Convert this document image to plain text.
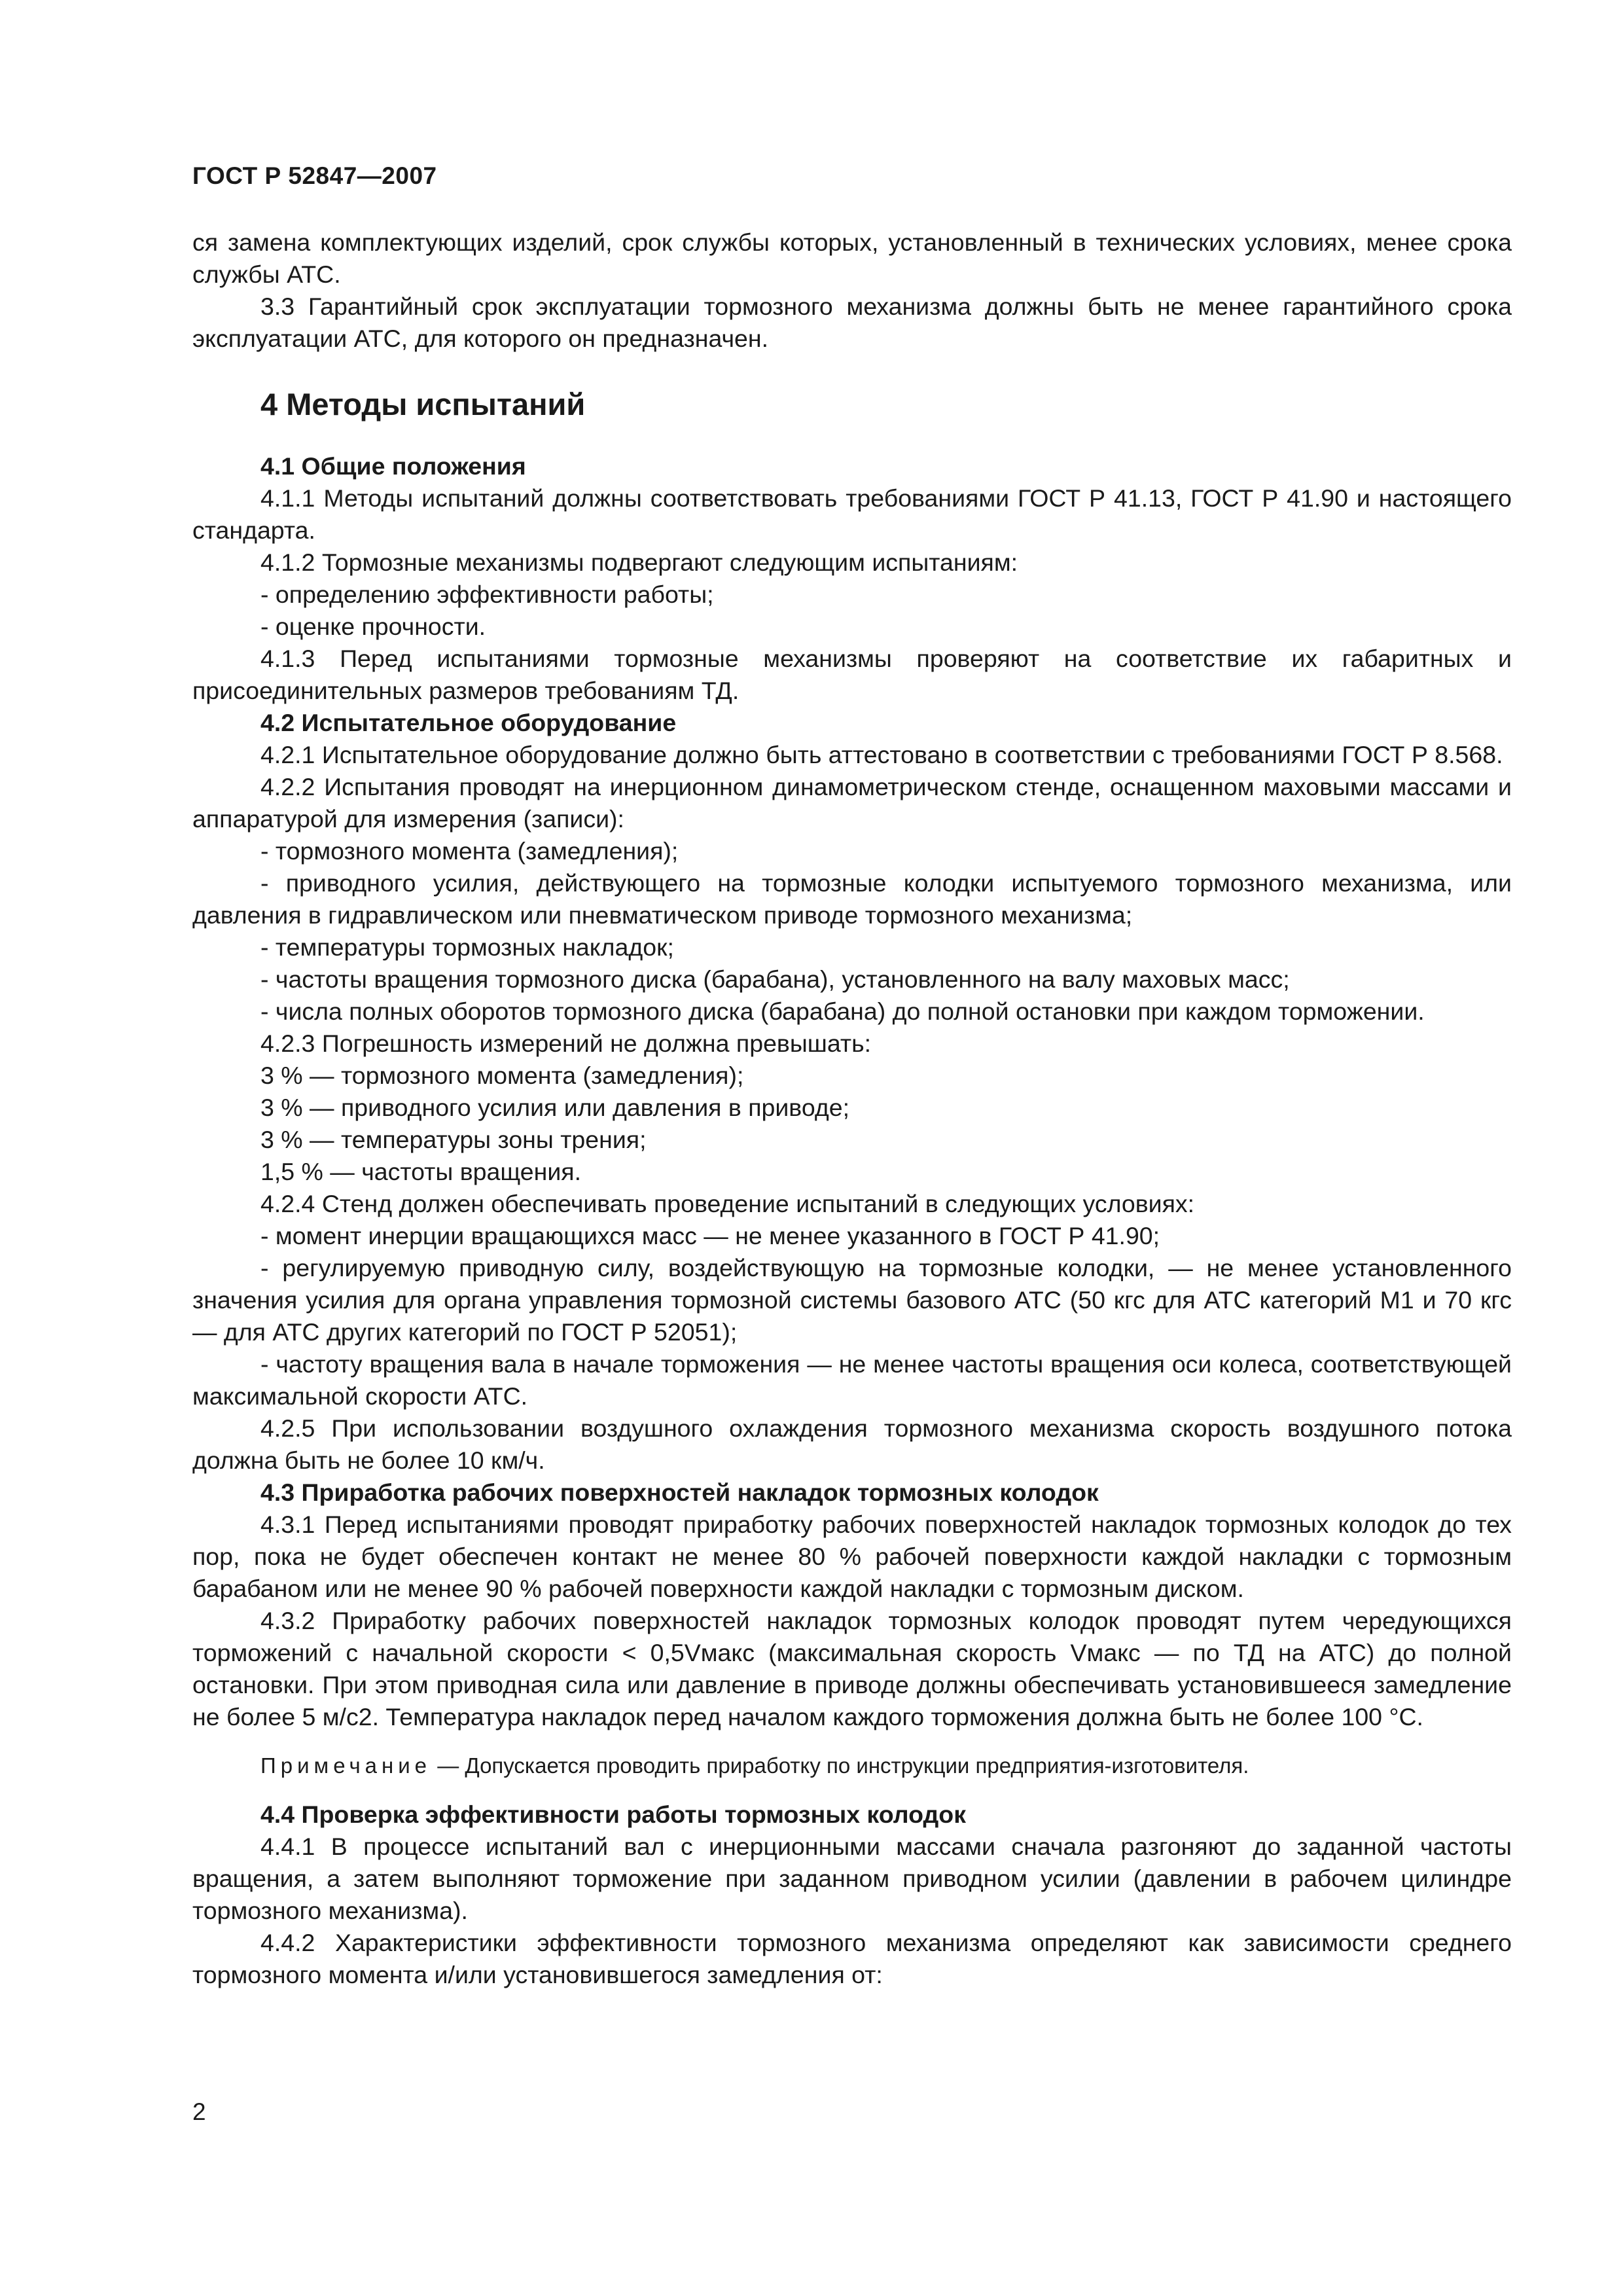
ГОСТ Р 52847—2007

ся замена комплектующих изделий, срок службы которых, установленный в технических условиях, менее срока службы АТС.

3.3 Гарантийный срок эксплуатации тормозного механизма должны быть не менее гарантийного срока эксплуатации АТС, для которого он предназначен.

4 Методы испытаний

4.1 Общие положения

4.1.1 Методы испытаний должны соответствовать требованиями ГОСТ Р 41.13, ГОСТ Р 41.90 и настоящего стандарта.

4.1.2 Тормозные механизмы подвергают следующим испытаниям:

- определению эффективности работы;

- оценке прочности.

4.1.3 Перед испытаниями тормозные механизмы проверяют на соответствие их габаритных и присоединительных размеров требованиям ТД.

4.2 Испытательное оборудование

4.2.1 Испытательное оборудование должно быть аттестовано в соответствии с требованиями ГОСТ Р 8.568.

4.2.2 Испытания проводят на инерционном динамометрическом стенде, оснащенном маховыми массами и аппаратурой для измерения (записи):

- тормозного момента (замедления);

- приводного усилия, действующего на тормозные колодки испытуемого тормозного механизма, или давления в гидравлическом или пневматическом приводе тормозного механизма;

- температуры тормозных накладок;

- частоты вращения тормозного диска (барабана), установленного на валу маховых масс;

- числа полных оборотов тормозного диска (барабана) до полной остановки при каждом торможении.

4.2.3 Погрешность измерений не должна превышать:

3 % — тормозного момента (замедления);

3 % — приводного усилия или давления в приводе;

3 % — температуры зоны трения;

1,5 % — частоты вращения.

4.2.4 Стенд должен обеспечивать проведение испытаний в следующих условиях:

- момент инерции вращающихся масс — не менее указанного в ГОСТ Р 41.90;

- регулируемую приводную силу, воздействующую на тормозные колодки, — не менее установленного значения усилия для органа управления тормозной системы базового АТС (50 кгс для АТС категорий М1 и 70 кгс — для АТС других категорий по ГОСТ Р 52051);

- частоту вращения вала в начале торможения — не менее частоты вращения оси колеса, соответствующей максимальной скорости АТС.

4.2.5 При использовании воздушного охлаждения тормозного механизма скорость воздушного потока должна быть не более 10 км/ч.

4.3 Приработка рабочих поверхностей накладок тормозных колодок

4.3.1 Перед испытаниями проводят приработку рабочих поверхностей накладок тормозных колодок до тех пор, пока не будет обеспечен контакт не менее 80 % рабочей поверхности каждой накладки с тормозным барабаном или не менее 90 % рабочей поверхности каждой накладки с тормозным диском.

4.3.2 Приработку рабочих поверхностей накладок тормозных колодок проводят путем чередующихся торможений с начальной скорости < 0,5Vмакс (максимальная скорость Vмакс — по ТД на АТС) до полной остановки. При этом приводная сила или давление в приводе должны обеспечивать установившееся замедление не более 5 м/с2. Температура накладок перед началом каждого торможения должна быть не более 100 °С.

Примечание — Допускается проводить приработку по инструкции предприятия-изготовителя.

4.4 Проверка эффективности работы тормозных колодок

4.4.1 В процессе испытаний вал с инерционными массами сначала разгоняют до заданной частоты вращения, а затем выполняют торможение при заданном приводном усилии (давлении в рабочем цилиндре тормозного механизма).

4.4.2 Характеристики эффективности тормозного механизма определяют как зависимости среднего тормозного момента и/или установившегося замедления от:

2
